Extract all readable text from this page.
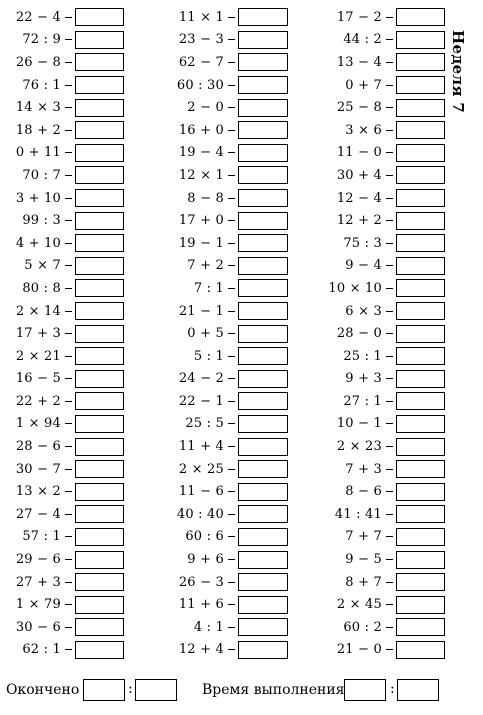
22 − 4
72 : 9
26 − 8
76 : 1
14 × 3
18 + 2
0 + 11
70 : 7
3 + 10
99 : 3
4 + 10
5 × 7
80 : 8
2 × 14
17 + 3
2 × 21
16 − 5
22 + 2
1 × 94
28 − 6
30 − 7
13 × 2
27 − 4
57 : 1
29 − 6
27 + 3
1 × 79
30 − 6
62 : 1
11 × 1
23 − 3
62 − 7
60 : 30
2 − 0
16 + 0
19 − 4
12 × 1
8 − 8
17 + 0
19 − 1
7 + 2
7 : 1
21 − 1
0 + 5
5 : 1
24 − 2
22 − 1
25 : 5
11 + 4
2 × 25
11 − 6
40 : 40
60 : 6
9 + 6
26 − 3
11 + 6
4 : 1
12 + 4
17 − 2
44 : 2
13 − 4
0 + 7
25 − 8
3 × 6
11 − 0
30 + 4
12 − 4
12 + 2
75 : 3
9 − 4
10 × 10
6 × 3
28 − 0
25 : 1
9 + 3
27 : 1
10 − 1
2 × 23
7 + 3
8 − 6
41 : 41
7 + 7
9 − 5
8 + 7
2 × 45
60 : 2
21 − 0
Неделя 7
Окончено	:	Время выполнения	:
